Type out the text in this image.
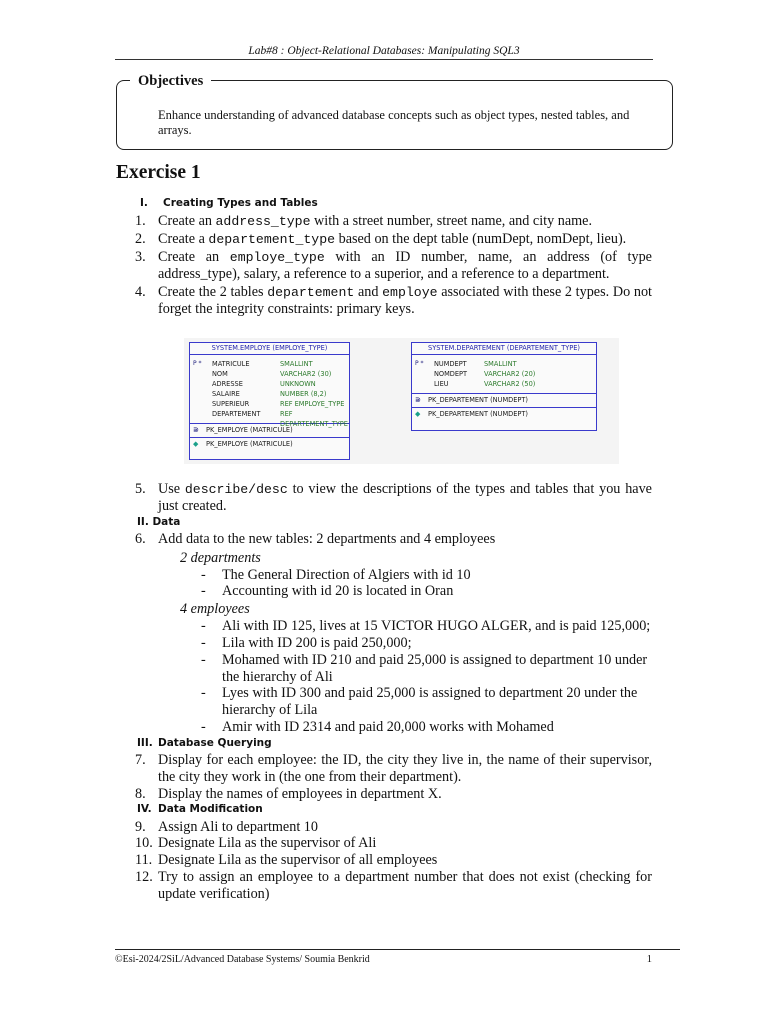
Lab#8 : Object-Relational Databases: Manipulating SQL3
Objectives
Enhance understanding of advanced database concepts such as object types, nested tables, and arrays.
Exercise 1
I. Creating Types and Tables
1. Create an address_type with a street number, street name, and city name.
2. Create a departement_type based on the dept table (numDept, nomDept, lieu).
3. Create an employe_type with an ID number, name, an address (of type address_type), salary, a reference to a superior, and a reference to a department.
4. Create the 2 tables departement and employe associated with these 2 types. Do not forget the integrity constraints: primary keys.
SYSTEM.EMPLOYE (EMPLOYE_TYPE)
P * MATRICULE	SMALLINT
NOM	VARCHAR2 (30)
ADRESSE	UNKNOWN
SALAIRE	NUMBER (8,2)
SUPERIEUR	REF EMPLOYE_TYPE
DEPARTEMENT	REF DEPARTEMENT_TYPE
⋑ PK_EMPLOYE (MATRICULE)
◆ PK_EMPLOYE (MATRICULE)
SYSTEM.DEPARTEMENT (DEPARTEMENT_TYPE)
P * NUMDEPT	SMALLINT
NOMDEPT	VARCHAR2 (20)
LIEU	VARCHAR2 (50)
⋑ PK_DEPARTEMENT (NUMDEPT)
◆ PK_DEPARTEMENT (NUMDEPT)
5. Use describe/desc to view the descriptions of the types and tables that you have just created.
II. Data
6. Add data to the new tables: 2 departments and 4 employees
2 departments
- The General Direction of Algiers with id 10
- Accounting with id 20 is located in Oran
4 employees
- Ali with ID 125, lives at 15 VICTOR HUGO ALGER, and is paid 125,000;
- Lila with ID 200 is paid 250,000;
- Mohamed with ID 210 and paid 25,000 is assigned to department 10 under the hierarchy of Ali
- Lyes with ID 300 and paid 25,000 is assigned to department 20 under the hierarchy of Lila
- Amir with ID 2314 and paid 20,000 works with Mohamed
III. Database Querying
7. Display for each employee: the ID, the city they live in, the name of their supervisor, the city they work in (the one from their department).
8. Display the names of employees in department X.
IV. Data Modification
9. Assign Ali to department 10
10. Designate Lila as the supervisor of Ali
11. Designate Lila as the supervisor of all employees
12. Try to assign an employee to a department number that does not exist (checking for update verification)
©Esi-2024/2SiL/Advanced Database Systems/ Soumia Benkrid	1
